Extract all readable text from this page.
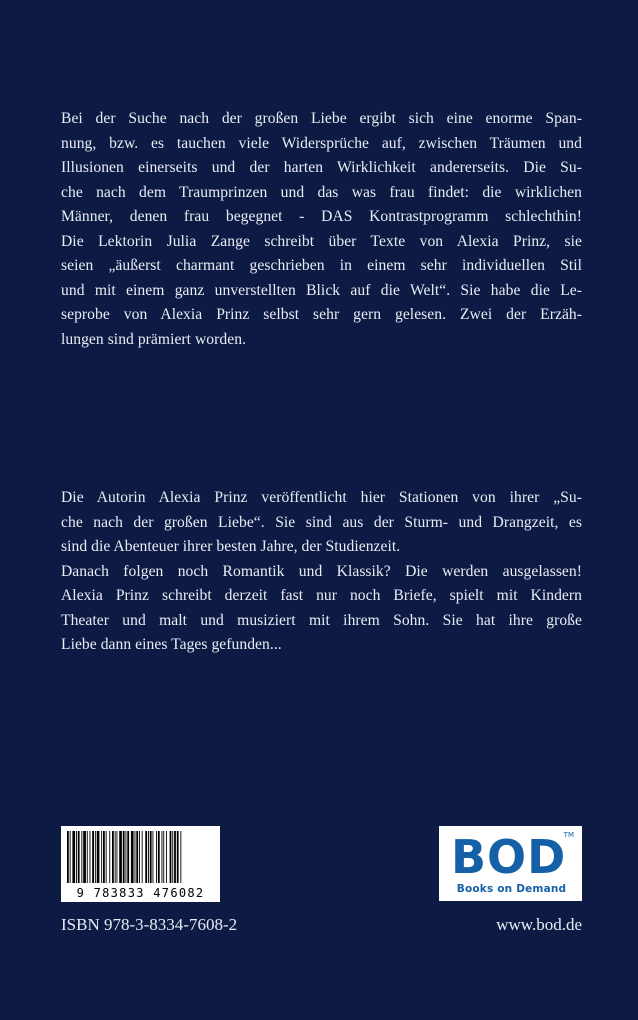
Bei der Suche nach der großen Liebe ergibt sich eine enorme Span-
nung, bzw. es tauchen viele Widersprüche auf, zwischen Träumen und
Illusionen einerseits und der harten Wirklichkeit andererseits. Die Su-
che nach dem Traumprinzen und das was frau findet: die wirklichen
Männer, denen frau begegnet - DAS Kontrastprogramm schlechthin!
Die Lektorin Julia Zange schreibt über Texte von Alexia Prinz, sie
seien „äußerst charmant geschrieben in einem sehr individuellen Stil
und mit einem ganz unverstellten Blick auf die Welt“. Sie habe die Le-
seprobe von Alexia Prinz selbst sehr gern gelesen. Zwei der Erzäh-
lungen sind prämiert worden.
Die Autorin Alexia Prinz veröffentlicht hier Stationen von ihrer „Su-
che nach der großen Liebe“. Sie sind aus der Sturm- und Drangzeit, es
sind die Abenteuer ihrer besten Jahre, der Studienzeit.
Danach folgen noch Romantik und Klassik? Die werden ausgelassen!
Alexia Prinz schreibt derzeit fast nur noch Briefe, spielt mit Kindern
Theater und malt und musiziert mit ihrem Sohn. Sie hat ihre große
Liebe dann eines Tages gefunden...
9 783833 476082
BOD
TM
Books on Demand
ISBN 978-3-8334-7608-2	www.bod.de
